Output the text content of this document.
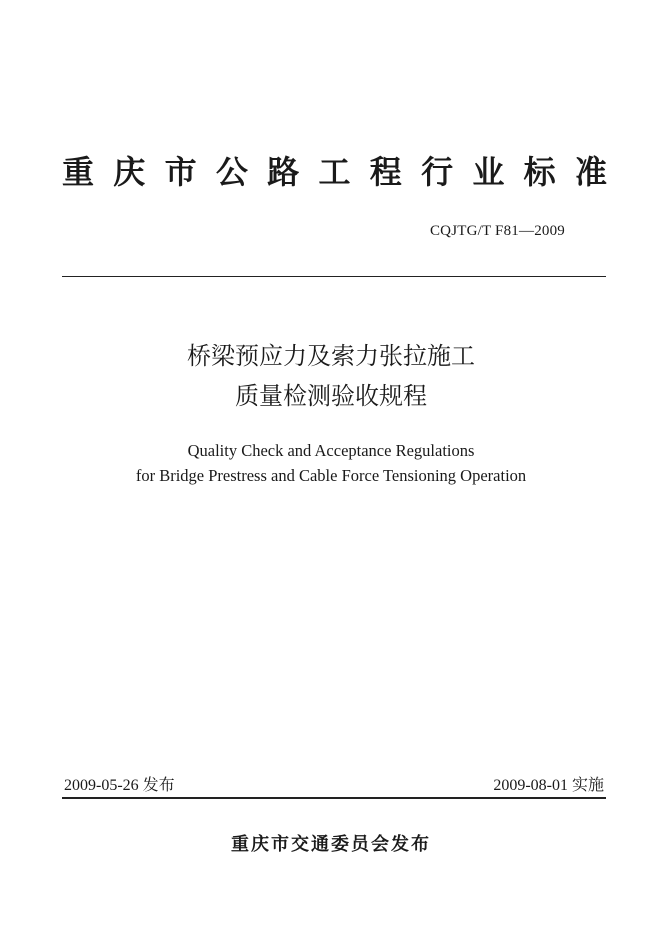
重 庆 市 公 路 工 程 行 业 标 准
CQJTG/T F81—2009
桥梁预应力及索力张拉施工
质量检测验收规程
Quality Check and Acceptance Regulations
for Bridge Prestress and Cable Force Tensioning Operation
2009-05-26 发布	2009-08-01 实施
重庆市交通委员会发布
